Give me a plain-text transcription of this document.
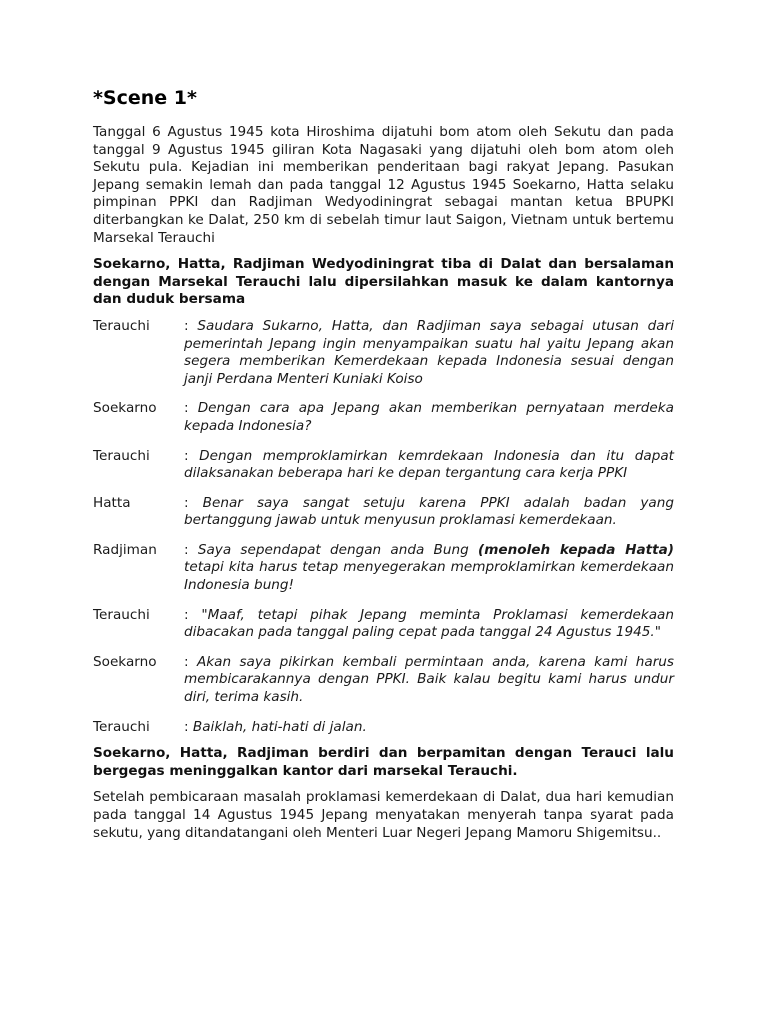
*Scene 1*

Tanggal 6 Agustus 1945 kota Hiroshima dijatuhi bom atom oleh Sekutu dan pada tanggal 9 Agustus 1945 giliran Kota Nagasaki yang dijatuhi oleh bom atom oleh Sekutu pula. Kejadian ini memberikan penderitaan bagi rakyat Jepang. Pasukan Jepang semakin lemah dan pada tanggal 12 Agustus 1945 Soekarno, Hatta selaku pimpinan PPKI dan Radjiman Wedyodiningrat sebagai mantan ketua BPUPKI diterbangkan ke Dalat, 250 km di sebelah timur laut Saigon, Vietnam untuk bertemu Marsekal Terauchi

Soekarno, Hatta, Radjiman Wedyodiningrat tiba di Dalat dan bersalaman dengan Marsekal Terauchi lalu dipersilahkan masuk ke dalam kantornya dan duduk bersama

Terauchi	: Saudara Sukarno, Hatta, dan Radjiman saya sebagai utusan dari pemerintah Jepang ingin menyampaikan suatu hal yaitu Jepang akan segera memberikan Kemerdekaan kepada Indonesia sesuai dengan janji Perdana Menteri Kuniaki Koiso
Soekarno	: Dengan cara apa Jepang akan memberikan pernyataan merdeka kepada Indonesia?
Terauchi	: Dengan memproklamirkan kemrdekaan Indonesia dan itu dapat dilaksanakan beberapa hari ke depan tergantung cara kerja PPKI
Hatta	: Benar saya sangat setuju karena PPKI adalah badan yang bertanggung jawab untuk menyusun proklamasi kemerdekaan.
Radjiman	: Saya sependapat dengan anda Bung (menoleh kepada Hatta) tetapi kita harus tetap menyegerakan memproklamirkan kemerdekaan Indonesia bung!
Terauchi	: "Maaf, tetapi pihak Jepang meminta Proklamasi kemerdekaan dibacakan pada tanggal paling cepat pada tanggal 24 Agustus 1945."
Soekarno	: Akan saya pikirkan kembali permintaan anda, karena kami harus membicarakannya dengan PPKI. Baik kalau begitu kami harus undur diri, terima kasih.
Terauchi	: Baiklah, hati-hati di jalan.

Soekarno, Hatta, Radjiman berdiri dan berpamitan dengan Terauci lalu bergegas meninggalkan kantor dari marsekal Terauchi.

Setelah pembicaraan masalah proklamasi kemerdekaan di Dalat, dua hari kemudian pada tanggal 14 Agustus 1945 Jepang menyatakan menyerah tanpa syarat pada sekutu, yang ditandatangani oleh Menteri Luar Negeri Jepang Mamoru Shigemitsu..
